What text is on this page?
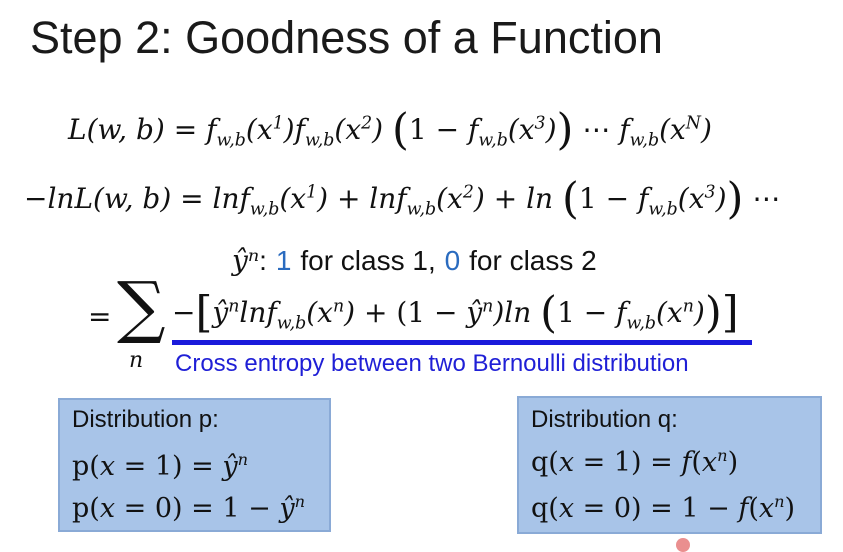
Step 2: Goodness of a Function
L(w, $b) = f_{w,b}(x^1)f_{w,b}(x^2) (1 - f_{w,b}(x^3))$ ⋯ $f_{w,b}(x^N)$
−lnL(w, $b) = \ln f_{w,b}(x^1) + \ln f_{w,b}(x^2) + \ln (1 - f_{w,b}(x^3))$ ⋯
ŷⁿ: 1 for class 1, 0 for class 2
= ∑
n
$-[ŷ^n\ln f_{w,b}(x^n) + (1$ − $ŷ^n)\ln$ $(1 - f_{w,b}(x^n))$]
Cross entropy between two Bernoulli distribution
Distribution p:
$p(x = 1) = ŷ^n$
$p(x = 0) = 1 - ŷ^n$
Distribution q:
$q(x = 1) = f(x^n)$
$q(x = 0) = 1 - f(x^n)$
